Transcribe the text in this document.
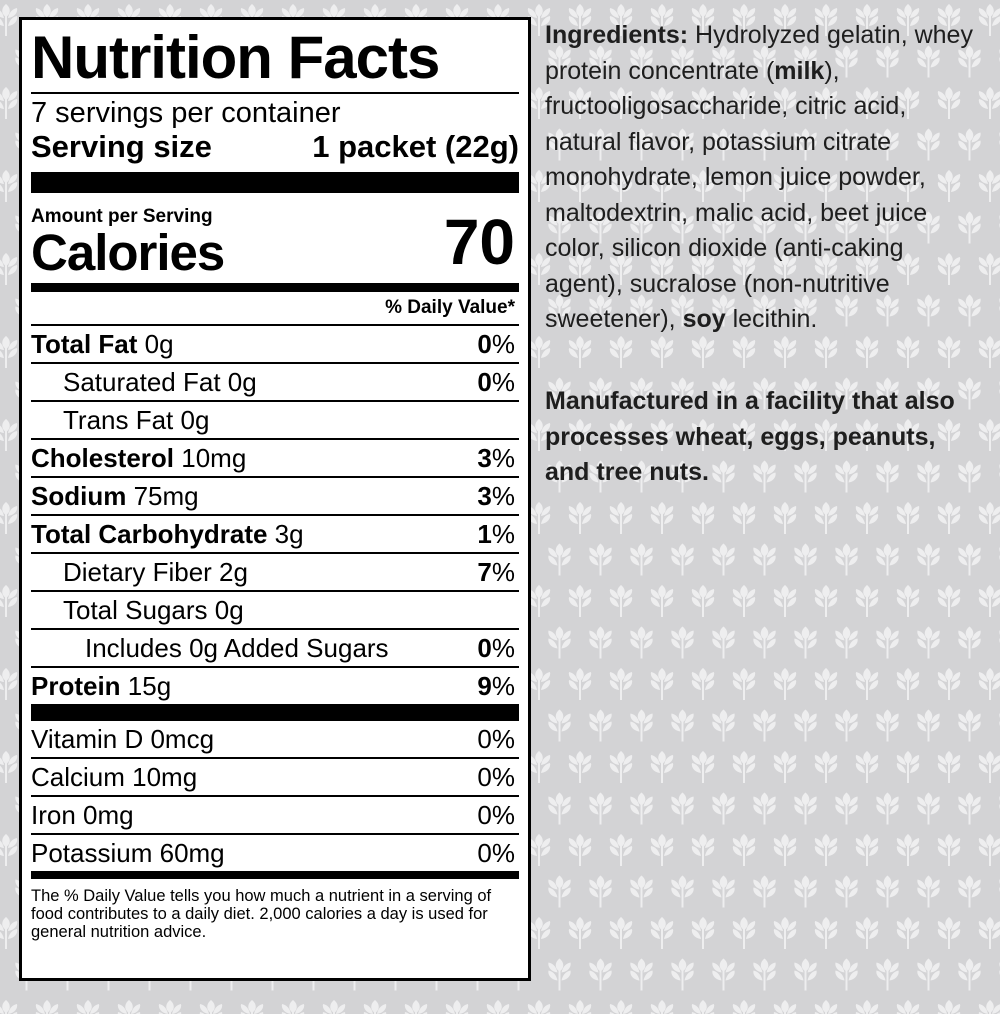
Nutrition Facts
7 servings per container
Serving size	1 packet (22g)
Amount per Serving
Calories	70
% Daily Value*
Total Fat 0g	0%
Saturated Fat 0g	0%
Trans Fat 0g
Cholesterol 10mg	3%
Sodium 75mg	3%
Total Carbohydrate 3g	1%
Dietary Fiber 2g	7%
Total Sugars 0g
Includes 0g Added Sugars	0%
Protein 15g	9%
Vitamin D 0mcg	0%
Calcium 10mg	0%
Iron 0mg	0%
Potassium 60mg	0%
The % Daily Value tells you how much a nutrient in a serving of food contributes to a daily diet. 2,000 calories a day is used for general nutrition advice.
Ingredients: Hydrolyzed gelatin, whey protein concentrate (milk), fructooligosaccharide, citric acid, natural flavor, potassium citrate monohydrate, lemon juice powder, maltodextrin, malic acid, beet juice color, silicon dioxide (anti-caking agent), sucralose (non-nutritive sweetener), soy lecithin.
Manufactured in a facility that also processes wheat, eggs, peanuts, and tree nuts.
